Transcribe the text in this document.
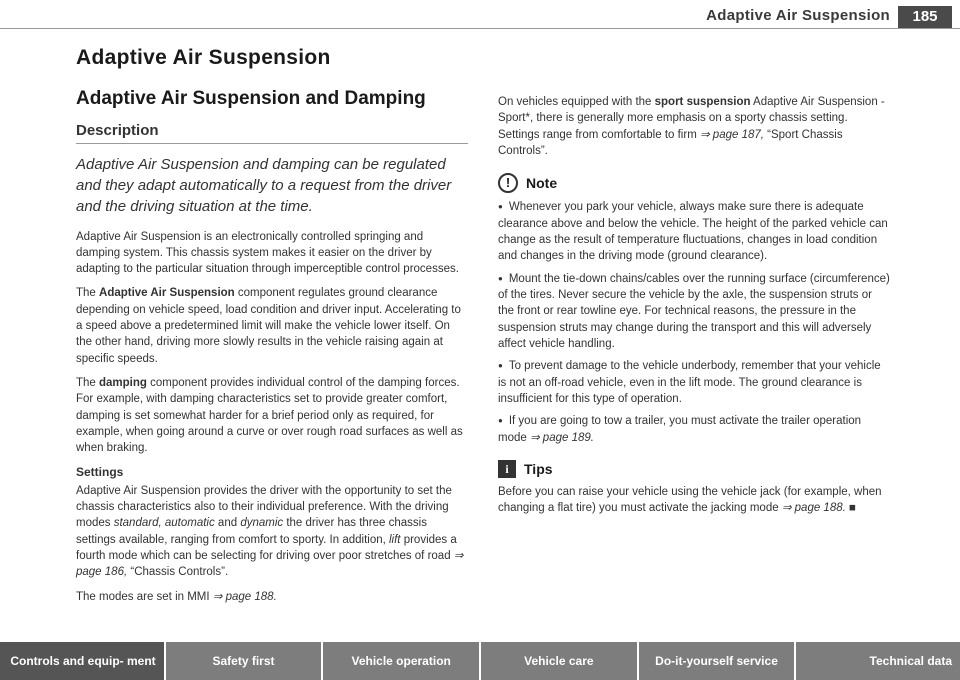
Adaptive Air Suspension	185
Adaptive Air Suspension
Adaptive Air Suspension and Damping
Description

Adaptive Air Suspension and damping can be regulated and they adapt automatically to a request from the driver and the driving situation at the time.

Adaptive Air Suspension is an electronically controlled springing and damping system. This chassis system makes it easier on the driver by adapting to the particular situation through imperceptible control processes.

The Adaptive Air Suspension component regulates ground clearance depending on vehicle speed, load condition and driver input. Accelerating to a speed above a predetermined limit will make the vehicle lower itself. On the other hand, driving more slowly results in the vehicle raising again at specific speeds.

The damping component provides individual control of the damping forces. For example, with damping characteristics set to provide greater comfort, damping is set somewhat harder for a brief period only as required, for example, when going around a curve or over rough road surfaces as well as when braking.

Settings

Adaptive Air Suspension provides the driver with the opportunity to set the chassis characteristics also to their individual preference. With the driving modes standard, automatic and dynamic the driver has three chassis settings available, ranging from comfort to sporty. In addition, lift provides a fourth mode which can be selecting for driving over poor stretches of road ⇒ page 186, “Chassis Controls”.

The modes are set in MMI ⇒ page 188.

On vehicles equipped with the sport suspension Adaptive Air Suspension - Sport*, there is generally more emphasis on a sporty chassis setting. Settings range from comfortable to firm ⇒ page 187, “Sport Chassis Controls”.

!	Note
● Whenever you park your vehicle, always make sure there is adequate clearance above and below the vehicle. The height of the parked vehicle can change as the result of temperature fluctuations, changes in load condition and changes in the driving mode (ground clearance).
● Mount the tie-down chains/cables over the running surface (circumference) of the tires. Never secure the vehicle by the axle, the suspension struts or the front or rear towline eye. For technical reasons, the pressure in the suspension struts may change during the transport and this will adversely affect vehicle handling.
● To prevent damage to the vehicle underbody, remember that your vehicle is not an off-road vehicle, even in the lift mode. The ground clearance is insufficient for this type of operation.
● If you are going to tow a trailer, you must activate the trailer operation mode ⇒ page 189.
i	Tips

Before you can raise your vehicle using the vehicle jack (for example, when changing a flat tire) you must activate the jacking mode ⇒ page 188. ■

Controls and equip- ment	Safety first	Vehicle operation	Vehicle care	Do-it-yourself service	Technical data
